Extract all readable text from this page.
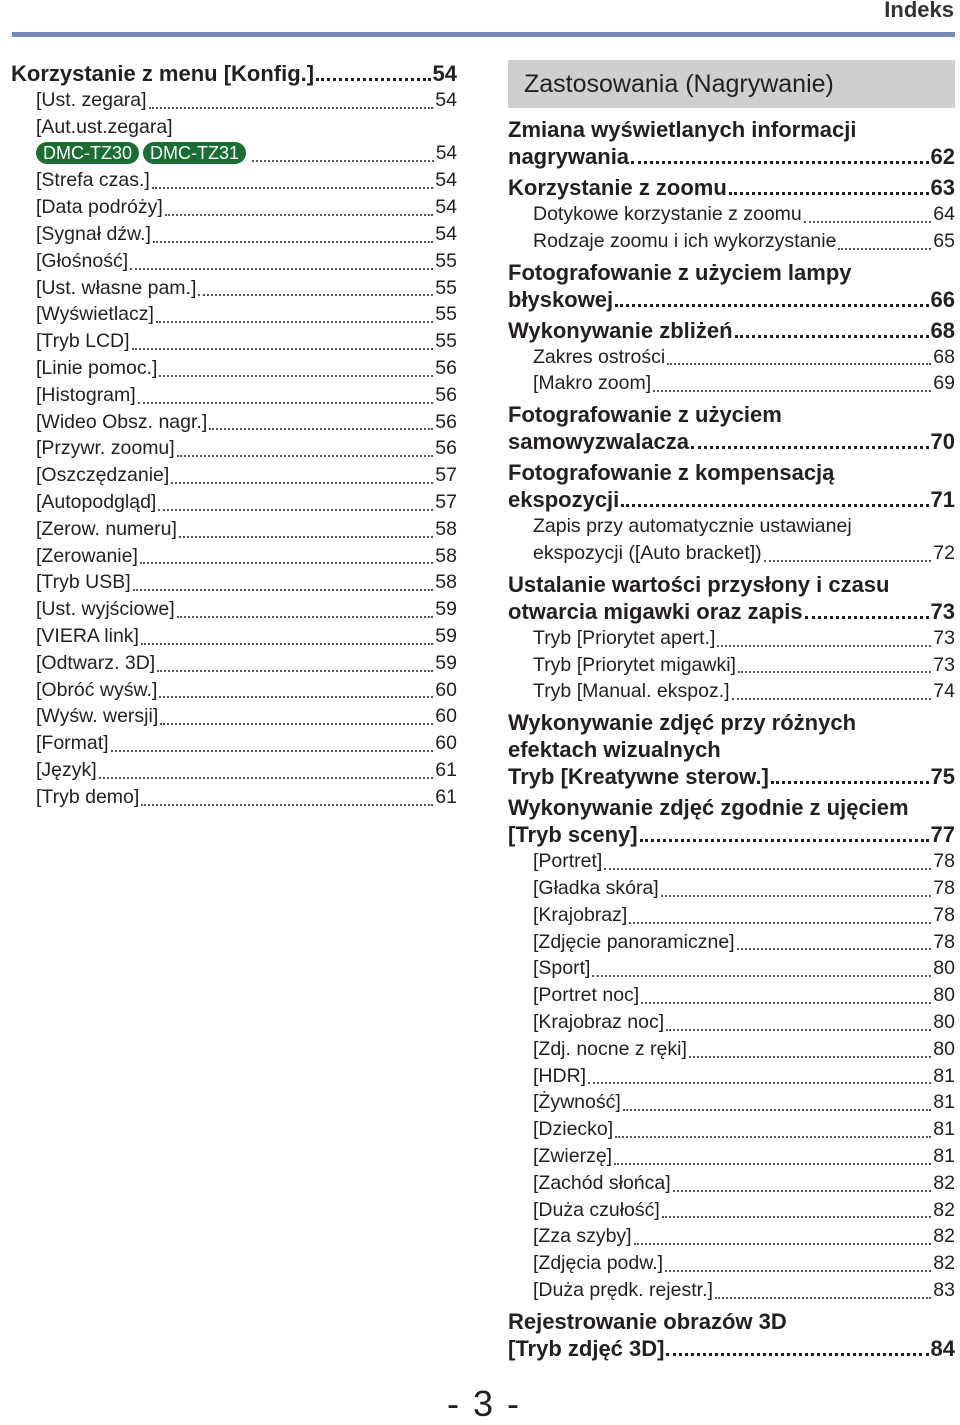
Indeks
Korzystanie z menu [Konfig.]	54
[Ust. zegara]	54
[Aut.ust.zegara]
DMC-TZ30	DMC-TZ31	54
[Strefa czas.]	54
[Data podróży]	54
[Sygnał dźw.]	54
[Głośność]	55
[Ust. własne pam.]	55
[Wyświetlacz]	55
[Tryb LCD]	55
[Linie pomoc.]	56
[Histogram]	56
[Wideo Obsz. nagr.]	56
[Przywr. zoomu]	56
[Oszczędzanie]	57
[Autopodgląd]	57
[Zerow. numeru]	58
[Zerowanie]	58
[Tryb USB]	58
[Ust. wyjściowe]	59
[VIERA link]	59
[Odtwarz. 3D]	59
[Obróć wyśw.]	60
[Wyśw. wersji]	60
[Format]	60
[Język]	61
[Tryb demo]	61
Zastosowania (Nagrywanie)
Zmiana wyświetlanych informacji
nagrywania	62
Korzystanie z zoomu	63
Dotykowe korzystanie z zoomu	64
Rodzaje zoomu i ich wykorzystanie	65
Fotografowanie z użyciem lampy
błyskowej	66
Wykonywanie zbliżeń	68
Zakres ostrości	68
[Makro zoom]	69
Fotografowanie z użyciem
samowyzwalacza	70
Fotografowanie z kompensacją
ekspozycji	71
Zapis przy automatycznie ustawianej
ekspozycji ([Auto bracket])	72
Ustalanie wartości przysłony i czasu
otwarcia migawki oraz zapis	73
Tryb [Priorytet apert.]	73
Tryb [Priorytet migawki]	73
Tryb [Manual. ekspoz.]	74
Wykonywanie zdjęć przy różnych
efektach wizualnych
Tryb [Kreatywne sterow.]	75
Wykonywanie zdjęć zgodnie z ujęciem
[Tryb sceny]	77
[Portret]	78
[Gładka skóra]	78
[Krajobraz]	78
[Zdjęcie panoramiczne]	78
[Sport]	80
[Portret noc]	80
[Krajobraz noc]	80
[Zdj. nocne z ręki]	80
[HDR]	81
[Żywność]	81
[Dziecko]	81
[Zwierzę]	81
[Zachód słońca]	82
[Duża czułość]	82
[Zza szyby]	82
[Zdjęcia podw.]	82
[Duża prędk. rejestr.]	83
Rejestrowanie obrazów 3D
[Tryb zdjęć 3D]	84
- 3 -
